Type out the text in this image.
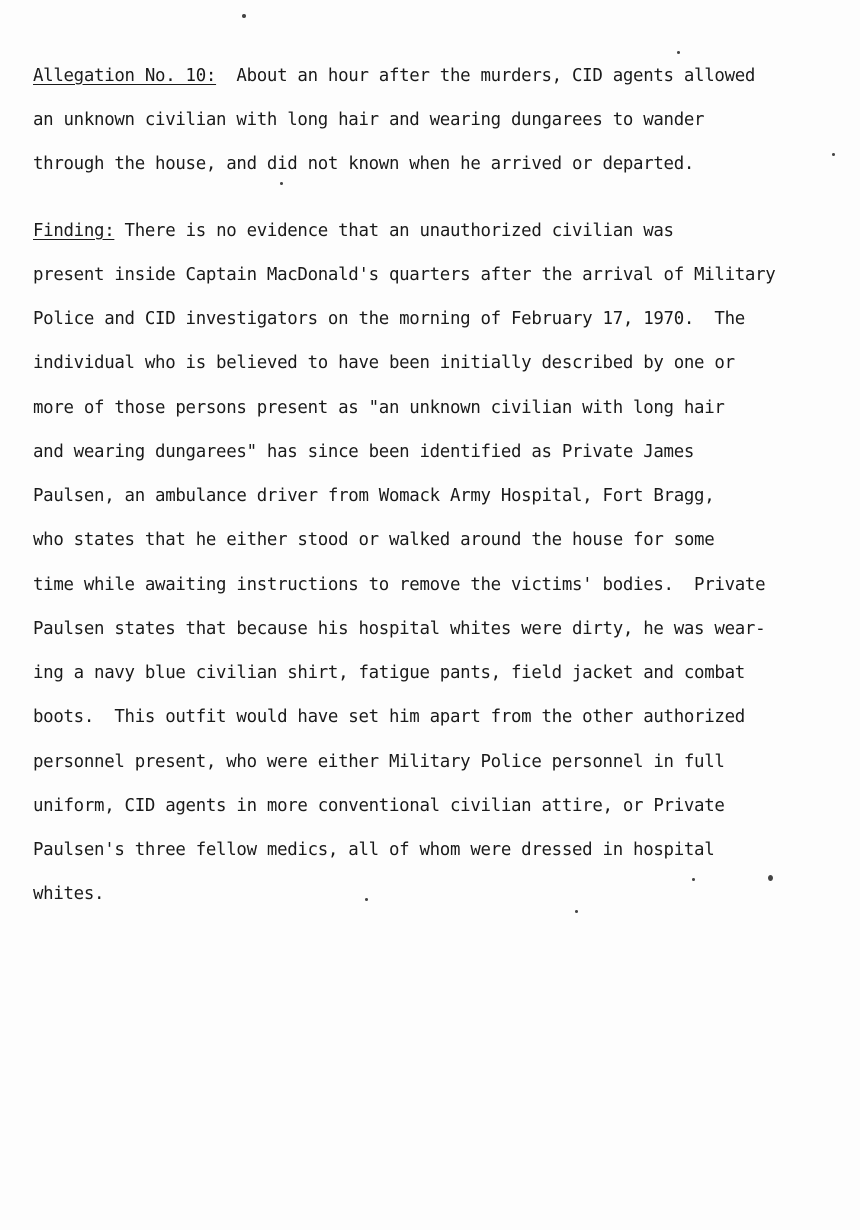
Allegation No. 10:  About an hour after the murders, CID agents allowed
an unknown civilian with long hair and wearing dungarees to wander
through the house, and did not known when he arrived or departed.
Finding: There is no evidence that an unauthorized civilian was
present inside Captain MacDonald's quarters after the arrival of Military
Police and CID investigators on the morning of February 17, 1970.  The
individual who is believed to have been initially described by one or
more of those persons present as "an unknown civilian with long hair
and wearing dungarees" has since been identified as Private James
Paulsen, an ambulance driver from Womack Army Hospital, Fort Bragg,
who states that he either stood or walked around the house for some
time while awaiting instructions to remove the victims' bodies.  Private
Paulsen states that because his hospital whites were dirty, he was wear-
ing a navy blue civilian shirt, fatigue pants, field jacket and combat
boots.  This outfit would have set him apart from the other authorized
personnel present, who were either Military Police personnel in full
uniform, CID agents in more conventional civilian attire, or Private
Paulsen's three fellow medics, all of whom were dressed in hospital
whites.
